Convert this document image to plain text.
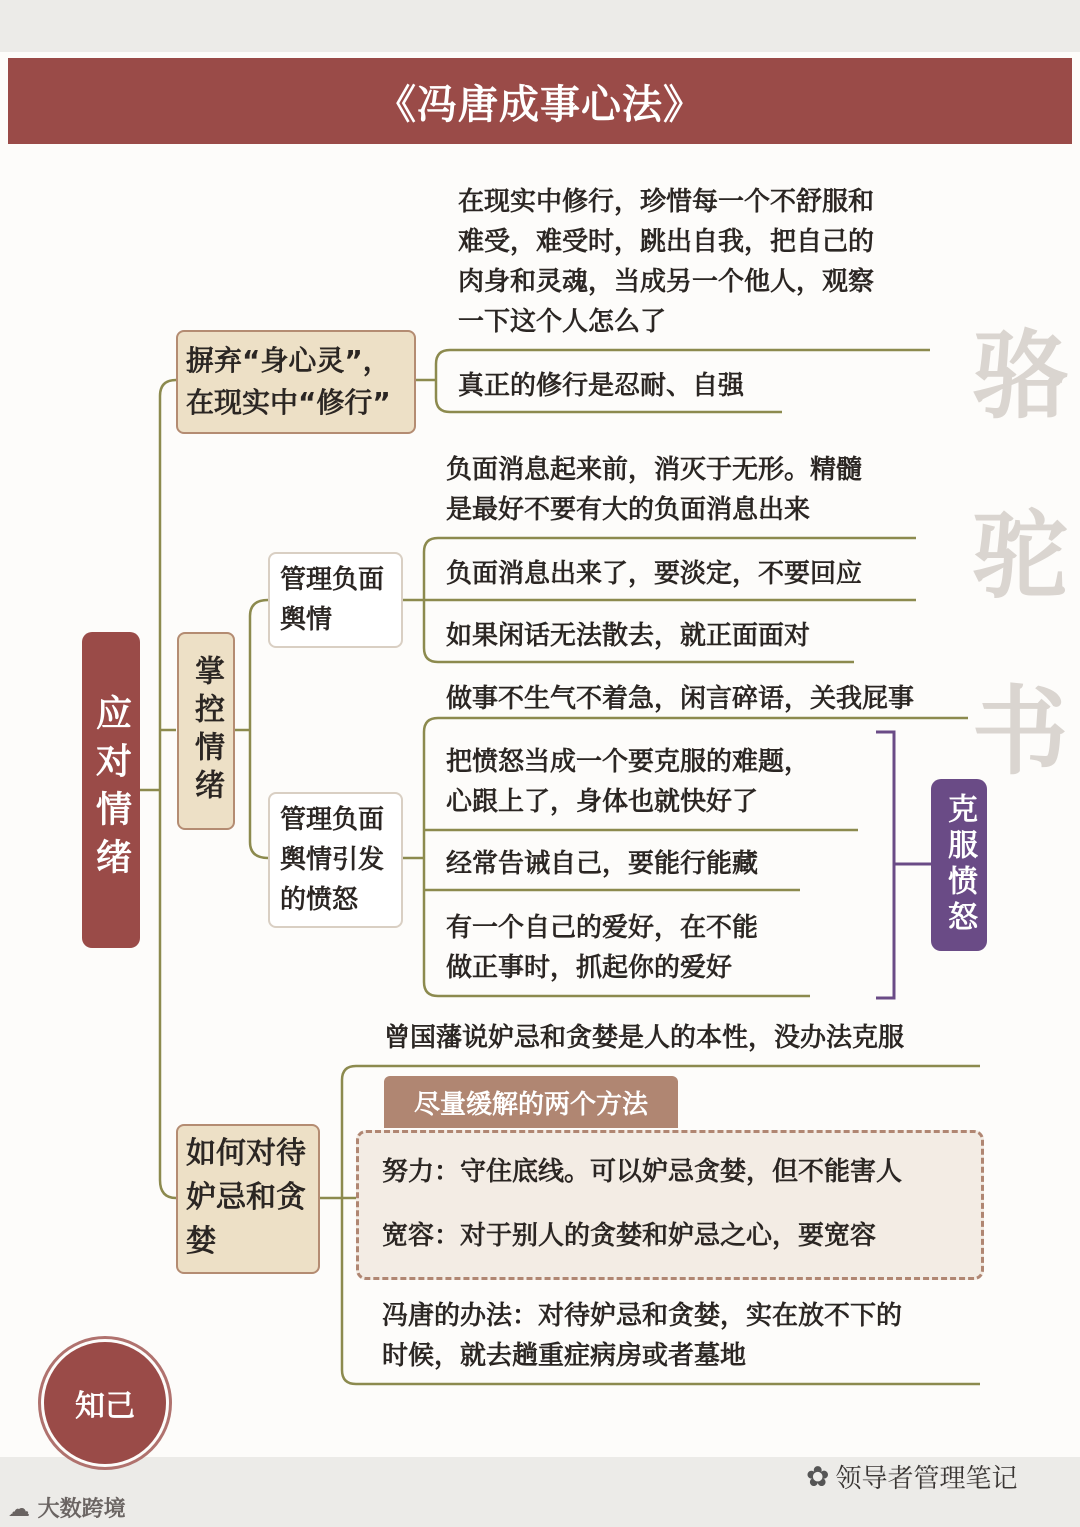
《冯唐成事心法》
应对情绪
摒弃“身心灵”，
在现实中“修行”
在现实中修行，珍惜每一个不舒服和
难受，难受时，跳出自我，把自己的
肉身和灵魂，当成另一个他人，观察
一下这个人怎么了
真正的修行是忍耐、自强
掌控情绪
管理负面
舆情
负面消息起来前，消灭于无形。精髓
是最好不要有大的负面消息出来
负面消息出来了，要淡定，不要回应
如果闲话无法散去，就正面面对
管理负面
舆情引发
的愤怒
做事不生气不着急，闲言碎语，关我屁事
把愤怒当成一个要克服的难题，
心跟上了，身体也就快好了
经常告诫自己，要能行能藏
有一个自己的爱好，在不能
做正事时，抓起你的爱好
克服愤怒
如何对待
妒忌和贪
婪
曾国藩说妒忌和贪婪是人的本性，没办法克服
尽量缓解的两个方法
努力：守住底线。可以妒忌贪婪，但不能害人
宽容：对于别人的贪婪和妒忌之心，要宽容
冯唐的办法：对待妒忌和贪婪，实在放不下的
时候，就去趟重症病房或者墓地
骆
驼
书
知己
✿ 领导者管理笔记
☁ 大数跨境
